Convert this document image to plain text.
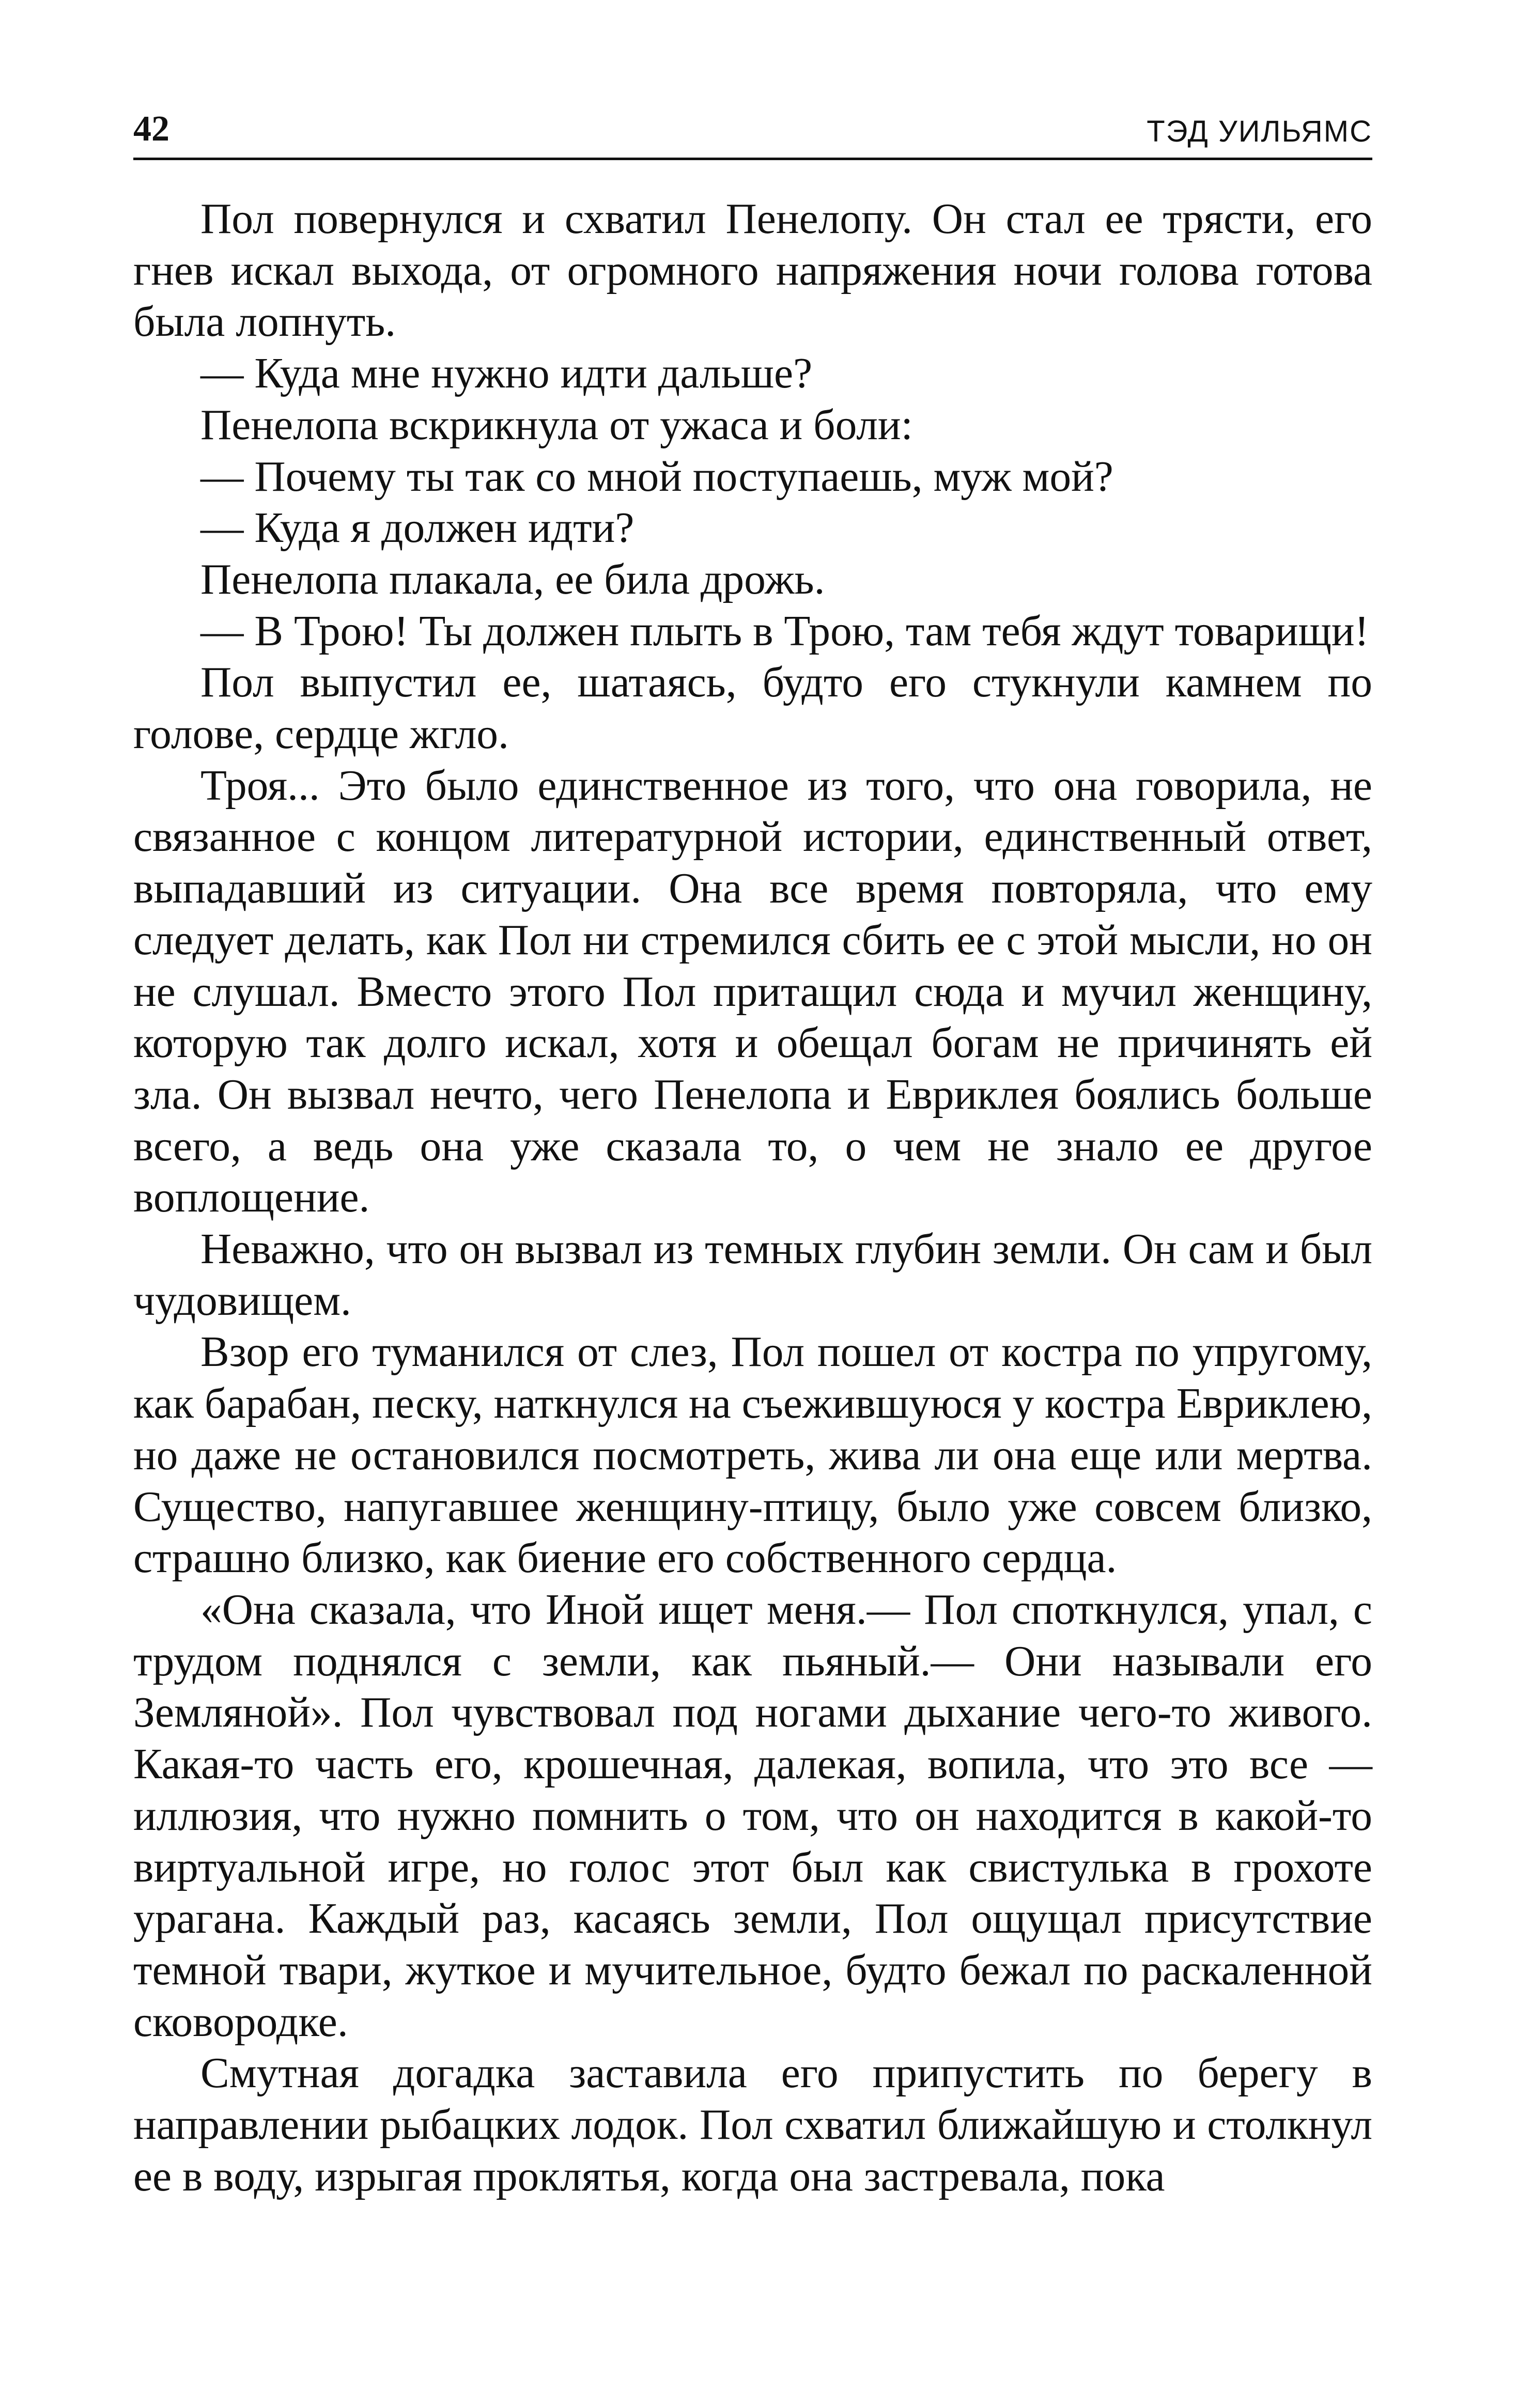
42	ТЭД УИЛЬЯМС

Пол повернулся и схватил Пенелопу. Он стал ее трясти, его гнев искал выхода, от огромного напряжения ночи голова готова была лопнуть.

— Куда мне нужно идти дальше?

Пенелопа вскрикнула от ужаса и боли:

— Почему ты так со мной поступаешь, муж мой?

— Куда я должен идти?

Пенелопа плакала, ее била дрожь.

— В Трою! Ты должен плыть в Трою, там тебя ждут товарищи!

Пол выпустил ее, шатаясь, будто его стукнули камнем по голове, сердце жгло.

Троя... Это было единственное из того, что она говорила, не связанное с концом литературной истории, единственный ответ, выпадавший из ситуации. Она все время повторяла, что ему следует делать, как Пол ни стремился сбить ее с этой мысли, но он не слушал. Вместо этого Пол притащил сюда и мучил женщину, которую так долго искал, хотя и обещал богам не причинять ей зла. Он вызвал нечто, чего Пенелопа и Евриклея боялись больше всего, а ведь она уже сказала то, о чем не знало ее другое воплощение.

Неважно, что он вызвал из темных глубин земли. Он сам и был чудовищем.

Взор его туманился от слез, Пол пошел от костра по упругому, как барабан, песку, наткнулся на съежившуюся у костра Евриклею, но даже не остановился посмотреть, жива ли она еще или мертва. Существо, напугавшее женщину-птицу, было уже совсем близко, страшно близко, как биение его собственного сердца.

«Она сказала, что Иной ищет меня.— Пол споткнулся, упал, с трудом поднялся с земли, как пьяный.— Они называли его Земляной». Пол чувствовал под ногами дыхание чего-то живого. Какая-то часть его, крошечная, далекая, вопила, что это все — иллюзия, что нужно помнить о том, что он находится в какой-то виртуальной игре, но голос этот был как свистулька в грохоте урагана. Каждый раз, касаясь земли, Пол ощущал присутствие темной твари, жуткое и мучительное, будто бежал по раскаленной сковородке.

Смутная догадка заставила его припустить по берегу в направлении рыбацких лодок. Пол схватил ближайшую и столкнул ее в воду, изрыгая проклятья, когда она застревала, пока
